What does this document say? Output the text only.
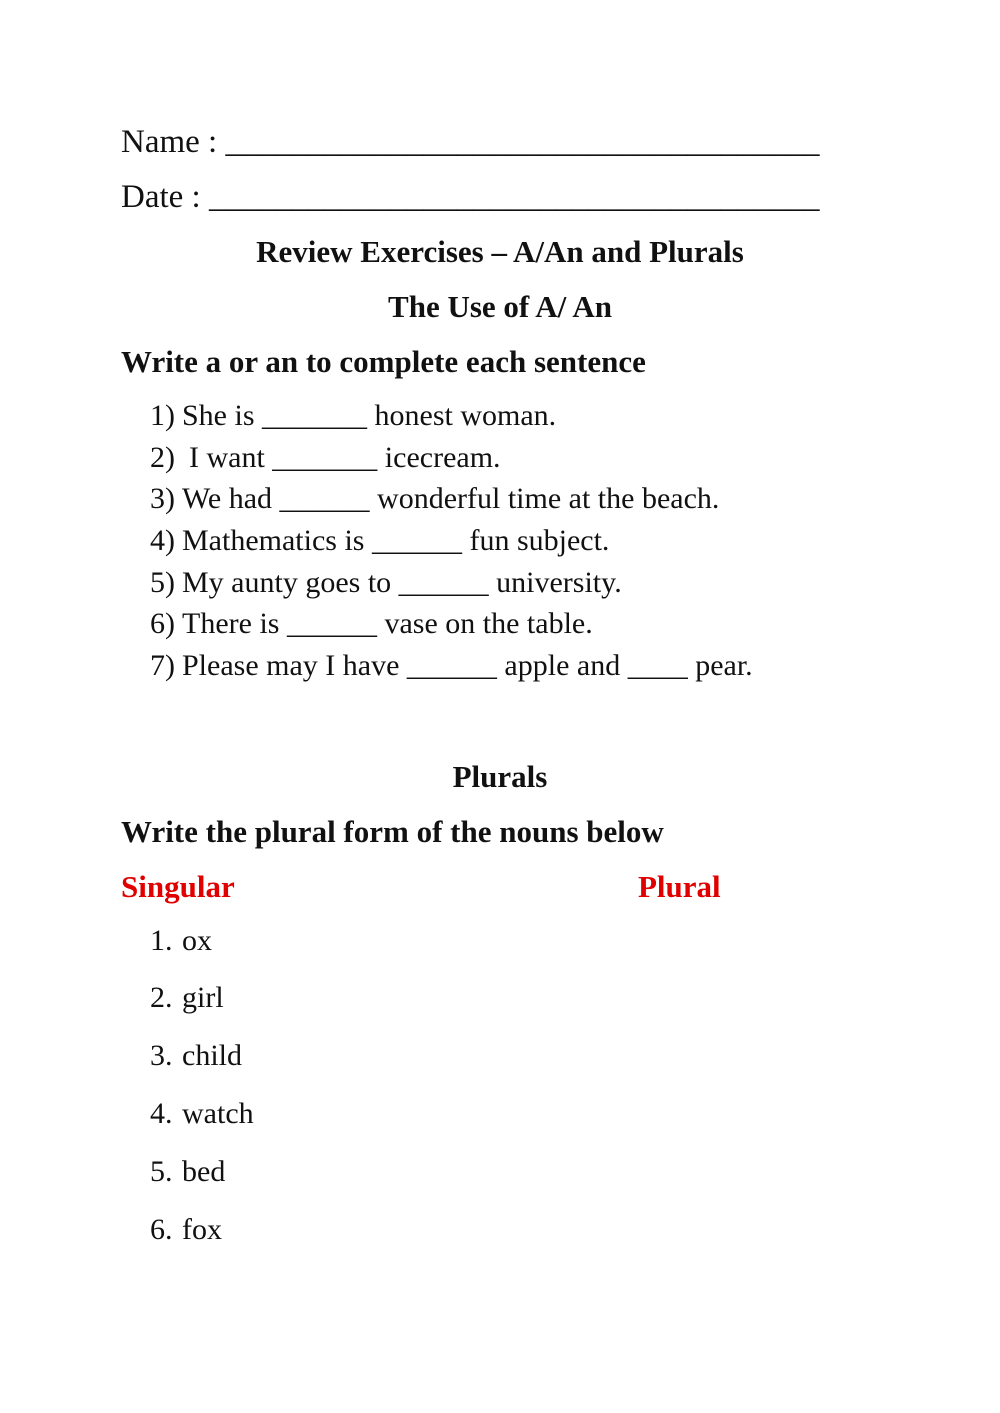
Name : ____________________________________
Date : _____________________________________
Review Exercises – A/An and Plurals
The Use of A/ An
Write a or an to complete each sentence
1) She is _______ honest woman.
2) I want _______ icecream.
3) We had ______ wonderful time at the beach.
4) Mathematics is ______ fun subject.
5) My aunty goes to ______ university.
6) There is ______ vase on the table.
7) Please may I have ______ apple and ____ pear.
Plurals
Write the plural form of the nouns below
Singular	Plural
1. ox
2. girl
3. child
4. watch
5. bed
6. fox
